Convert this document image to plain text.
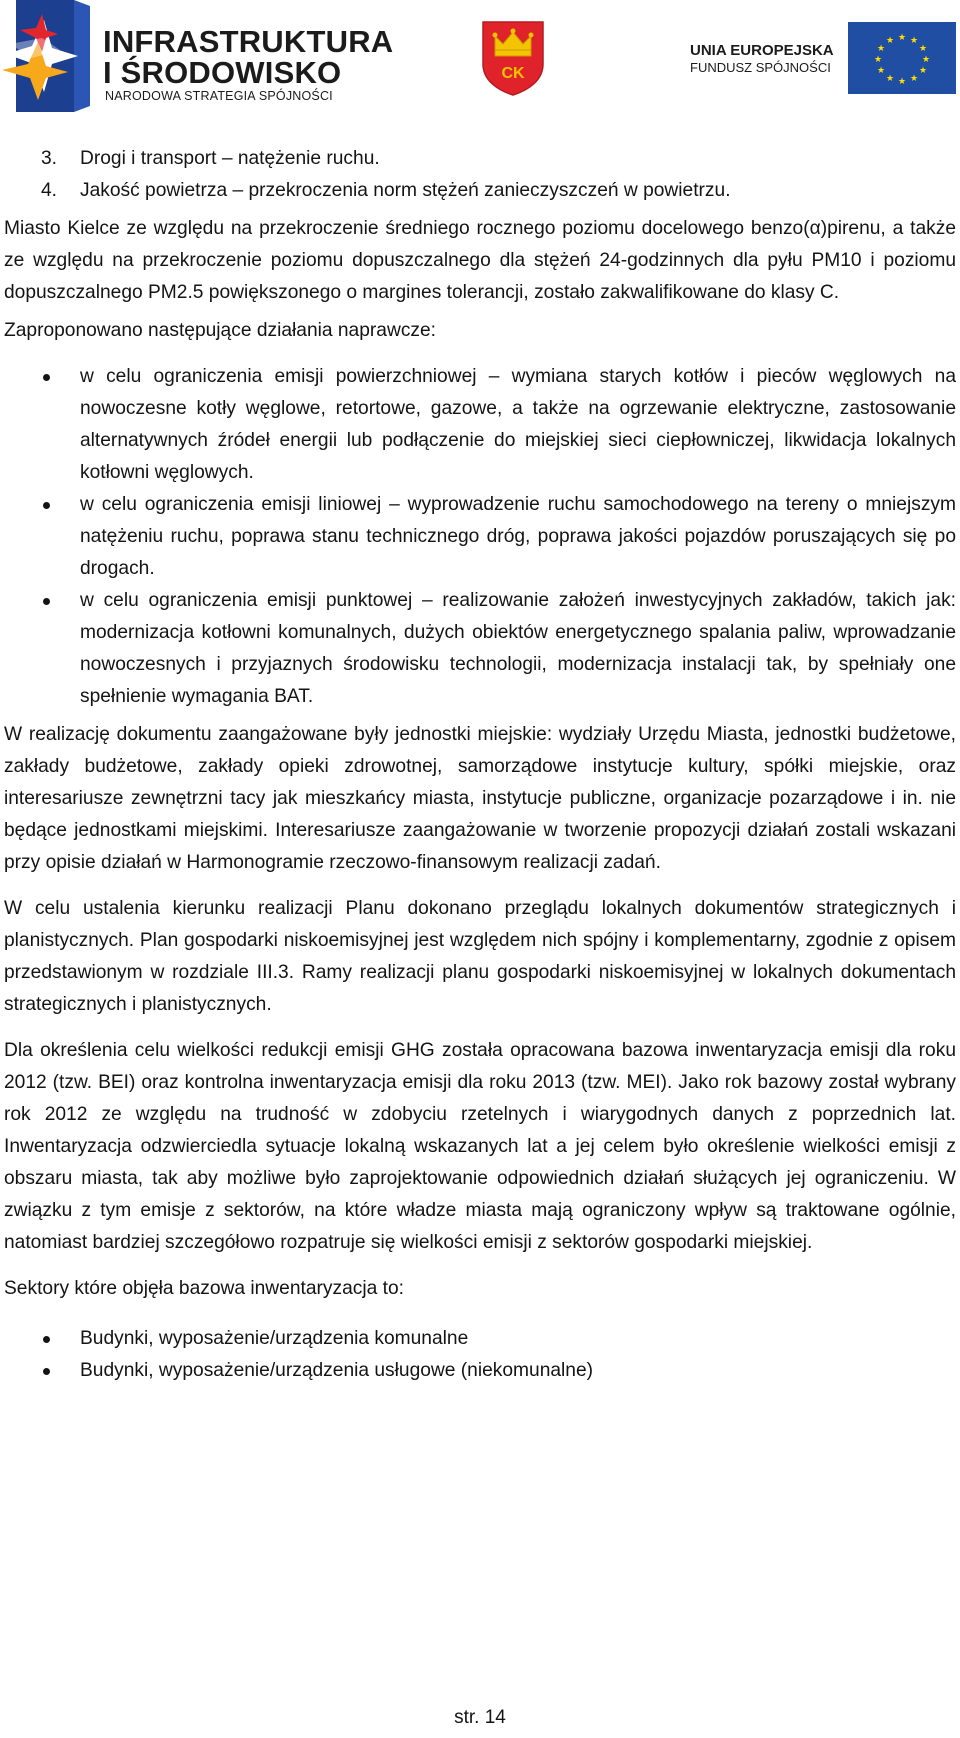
INFRASTRUKTURA
I ŚRODOWISKO
NARODOWA STRATEGIA SPÓJNOŚCI
CK
UNIA EUROPEJSKA
FUNDUSZ SPÓJNOŚCI
★ ★
★
★
★
★
★
★
★
★
★
★
3. Drogi i transport – natężenie ruchu.
4. Jakość powietrza – przekroczenia norm stężeń zanieczyszczeń w powietrzu.

Miasto Kielce ze względu na przekroczenie średniego rocznego poziomu docelowego benzo(α)pirenu, a także ze względu na przekroczenie poziomu dopuszczalnego dla stężeń 24-godzinnych dla pyłu PM10 i poziomu dopuszczalnego PM2.5 powiększonego o margines tolerancji, zostało zakwalifikowane do klasy C.

Zaproponowano następujące działania naprawcze:

w celu ograniczenia emisji powierzchniowej – wymiana starych kotłów i pieców węglowych na nowoczesne kotły węglowe, retortowe, gazowe, a także na ogrzewanie elektryczne, zastosowanie alternatywnych źródeł energii lub podłączenie do miejskiej sieci ciepłowniczej, likwidacja lokalnych kotłowni węglowych.
w celu ograniczenia emisji liniowej – wyprowadzenie ruchu samochodowego na tereny o mniejszym natężeniu ruchu, poprawa stanu technicznego dróg, poprawa jakości pojazdów poruszających się po drogach.
w celu ograniczenia emisji punktowej – realizowanie założeń inwestycyjnych zakładów, takich jak: modernizacja kotłowni komunalnych, dużych obiektów energetycznego spalania paliw, wprowadzanie nowoczesnych i przyjaznych środowisku technologii, modernizacja instalacji tak, by spełniały one spełnienie wymagania BAT.

W realizację dokumentu zaangażowane były jednostki miejskie: wydziały Urzędu Miasta, jednostki budżetowe, zakłady budżetowe, zakłady opieki zdrowotnej, samorządowe instytucje kultury, spółki miejskie, oraz interesariusze zewnętrzni tacy jak mieszkańcy miasta, instytucje publiczne, organizacje pozarządowe i in. nie będące jednostkami miejskimi. Interesariusze zaangażowanie w tworzenie propozycji działań zostali wskazani przy opisie działań w Harmonogramie rzeczowo-finansowym realizacji zadań.

W celu ustalenia kierunku realizacji Planu dokonano przeglądu lokalnych dokumentów strategicznych i planistycznych. Plan gospodarki niskoemisyjnej jest względem nich spójny i komplementarny, zgodnie z opisem przedstawionym w rozdziale III.3. Ramy realizacji planu gospodarki niskoemisyjnej w lokalnych dokumentach strategicznych i planistycznych.

Dla określenia celu wielkości redukcji emisji GHG została opracowana bazowa inwentaryzacja emisji dla roku 2012 (tzw. BEI) oraz kontrolna inwentaryzacja emisji dla roku 2013 (tzw. MEI). Jako rok bazowy został wybrany rok 2012 ze względu na trudność w zdobyciu rzetelnych i wiarygodnych danych z poprzednich lat. Inwentaryzacja odzwierciedla sytuacje lokalną wskazanych lat a jej celem było określenie wielkości emisji z obszaru miasta, tak aby możliwe było zaprojektowanie odpowiednich działań służących jej ograniczeniu. W związku z tym emisje z sektorów, na które władze miasta mają ograniczony wpływ są traktowane ogólnie, natomiast bardziej szczegółowo rozpatruje się wielkości emisji z sektorów gospodarki miejskiej.

Sektory które objęła bazowa inwentaryzacja to:

Budynki, wyposażenie/urządzenia komunalne
Budynki, wyposażenie/urządzenia usługowe (niekomunalne)
str. 14
